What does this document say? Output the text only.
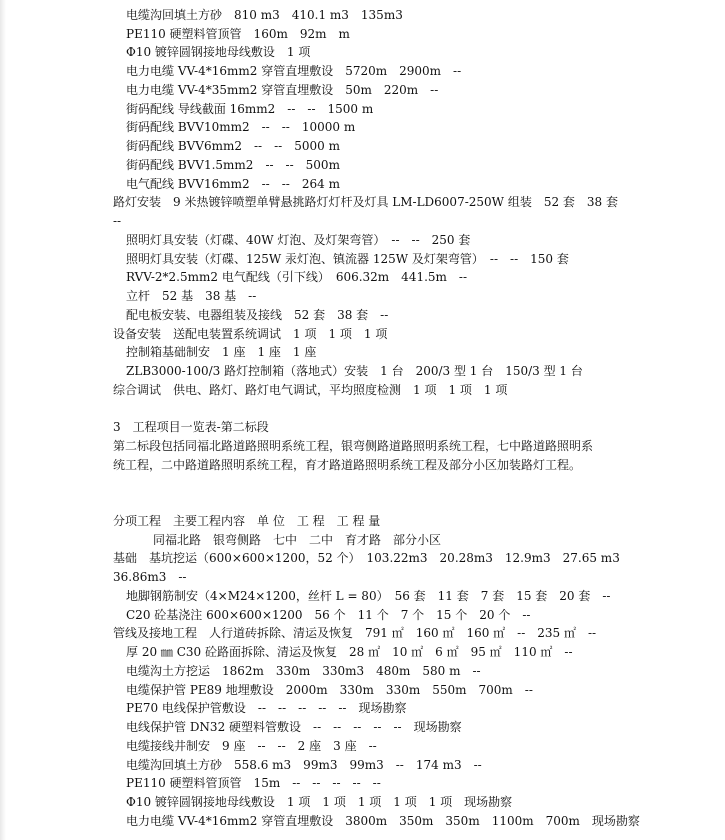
电缆沟回填土方砂　810 m3　410.1 m3　135m3
PE110 硬塑料管顶管　160m　92m　m
Φ10 镀锌圆钢接地母线敷设　1 项
电力电缆 VV-4*16mm2 穿管直埋敷设　5720m　2900m　--
电力电缆 VV-4*35mm2 穿管直埋敷设　50m　220m　--
街码配线 导线截面 16mm2　--　--　1500 m
街码配线 BVV10mm2　--　--　10000 m
街码配线 BVV6mm2　--　--　5000 m
街码配线 BVV1.5mm2　--　--　500m
电气配线 BVV16mm2　--　--　264 m
路灯安装　9 米热镀锌喷塑单臂悬挑路灯灯杆及灯具 LM-LD6007-250W 组装　52 套　38 套
--
照明灯具安装（灯碟、40W 灯泡、及灯架弯管）　--　--　250 套
照明灯具安装（灯碟、125W 汞灯泡、镇流器 125W 及灯架弯管）　--　--　150 套
RVV-2*2.5mm2 电气配线（引下线）　606.32m　441.5m　--
立杆　52 基　38 基　--
配电板安装、电器组装及接线　52 套　38 套　--
设备安装　送配电装置系统调试　1 项　1 项　1 项
控制箱基础制安　1 座　1 座　1 座
ZLB3000-100/3 路灯控制箱（落地式）安装　1 台　200/3 型 1 台　150/3 型 1 台
综合调试　供电、路灯、路灯电气调试，平均照度检测　1 项　1 项　1 项
3　工程项目一览表-第二标段
第二标段包括同福北路道路照明系统工程，银弯侧路道路照明系统工程，七中路道路照明系
统工程，二中路道路照明系统工程，育才路道路照明系统工程及部分小区加装路灯工程。
分项工程　主要工程内容　单 位　工 程　工 程 量
同福北路　银弯侧路　七中　二中　育才路　部分小区
基础　基坑挖运（600×600×1200，52 个）　103.22m3　20.28m3　12.9m3　27.65 m3
36.86m3　--
地脚钢筋制安（4×M24×1200，丝杆 L = 80）　56 套　11 套　7 套　15 套　20 套　--
C20 砼基浇注 600×600×1200　56 个　11 个　7 个　15 个　20 个　--
管线及接地工程　人行道砖拆除、清运及恢复　791 ㎡　160 ㎡　160 ㎡　--　235 ㎡　--
厚 20 ㎜ C30 砼路面拆除、清运及恢复　28 ㎡　10 ㎡　6 ㎡　95 ㎡　110 ㎡　--
电缆沟土方挖运　1862m　330m　330m3　480m　580 m　--
电缆保护管 PE89 地埋敷设　2000m　330m　330m　550m　700m　--
PE70 电线保护管敷设　--　--　--　--　--　现场勘察
电线保护管 DN32 硬塑料管敷设　--　--　--　--　--　现场勘察
电缆接线井制安　9 座　--　--　2 座　3 座　--
电缆沟回填土方砂　558.6 m3　99m3　99m3　--　174 m3　--
PE110 硬塑料管顶管　15m　--　--　--　--　--
Φ10 镀锌圆钢接地母线敷设　1 项　1 项　1 项　1 项　1 项　现场勘察
电力电缆 VV-4*16mm2 穿管直埋敷设　3800m　350m　350m　1100m　700m　现场勘察
